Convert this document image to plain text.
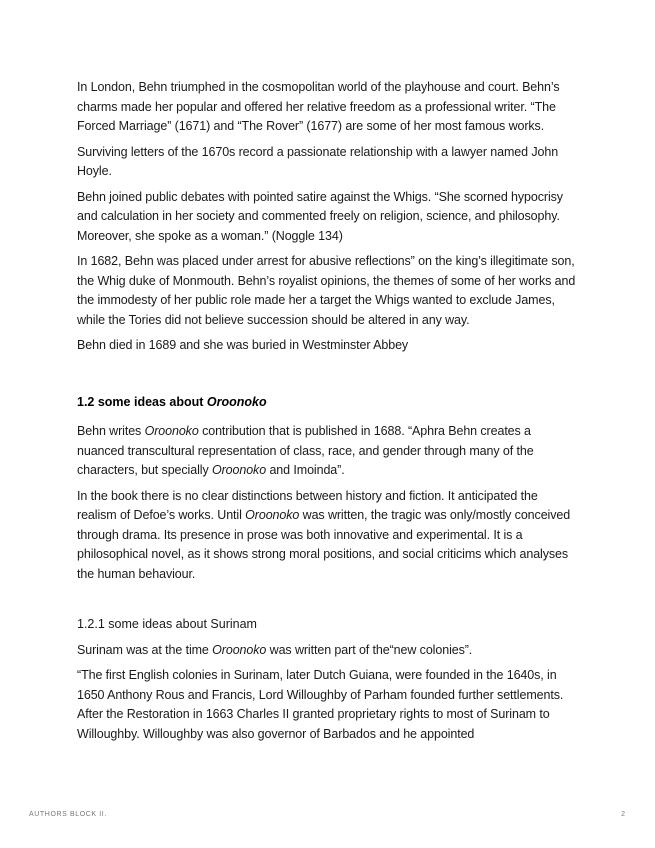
In London, Behn triumphed in the cosmopolitan world of the playhouse and court. Behn’s charms made her popular and offered her relative freedom as a professional writer. “The Forced Marriage” (1671) and “The Rover” (1677) are some of her most famous works.

Surviving letters of the 1670s record a passionate relationship with a lawyer named John Hoyle.

Behn joined public debates with pointed satire against the Whigs. “She scorned hypocrisy and calculation in her society and commented freely on religion, science, and philosophy. Moreover, she spoke as a woman.” (Noggle 134)

In 1682, Behn was placed under arrest for abusive reflections” on the king’s illegitimate son, the Whig duke of Monmouth. Behn’s royalist opinions, the themes of some of her works and the immodesty of her public role made her a target the Whigs wanted to exclude James, while the Tories did not believe succession should be altered in any way.

Behn died in 1689 and she was buried in Westminster Abbey

1.2 some ideas about Oroonoko

Behn writes Oroonoko contribution that is published in 1688. “Aphra Behn creates a nuanced transcultural representation of class, race, and gender through many of the characters, but specially Oroonoko and Imoinda”.

In the book there is no clear distinctions between history and fiction. It anticipated the realism of Defoe’s works. Until Oroonoko was written, the tragic was only/mostly conceived through drama. Its presence in prose was both innovative and experimental. It is a philosophical novel, as it shows strong moral positions, and social criticims which analyses the human behaviour.

1.2.1 some ideas about Surinam

Surinam was at the time Oroonoko was written part of the“new colonies”.

“The first English colonies in Surinam, later Dutch Guiana, were founded in the 1640s, in 1650 Anthony Rous and Francis, Lord Willoughby of Parham founded further settlements. After the Restoration in 1663 Charles II granted proprietary rights to most of Surinam to Willoughby. Willoughby was also governor of Barbados and he appointed

AUTHORS BLOCK II.	2
